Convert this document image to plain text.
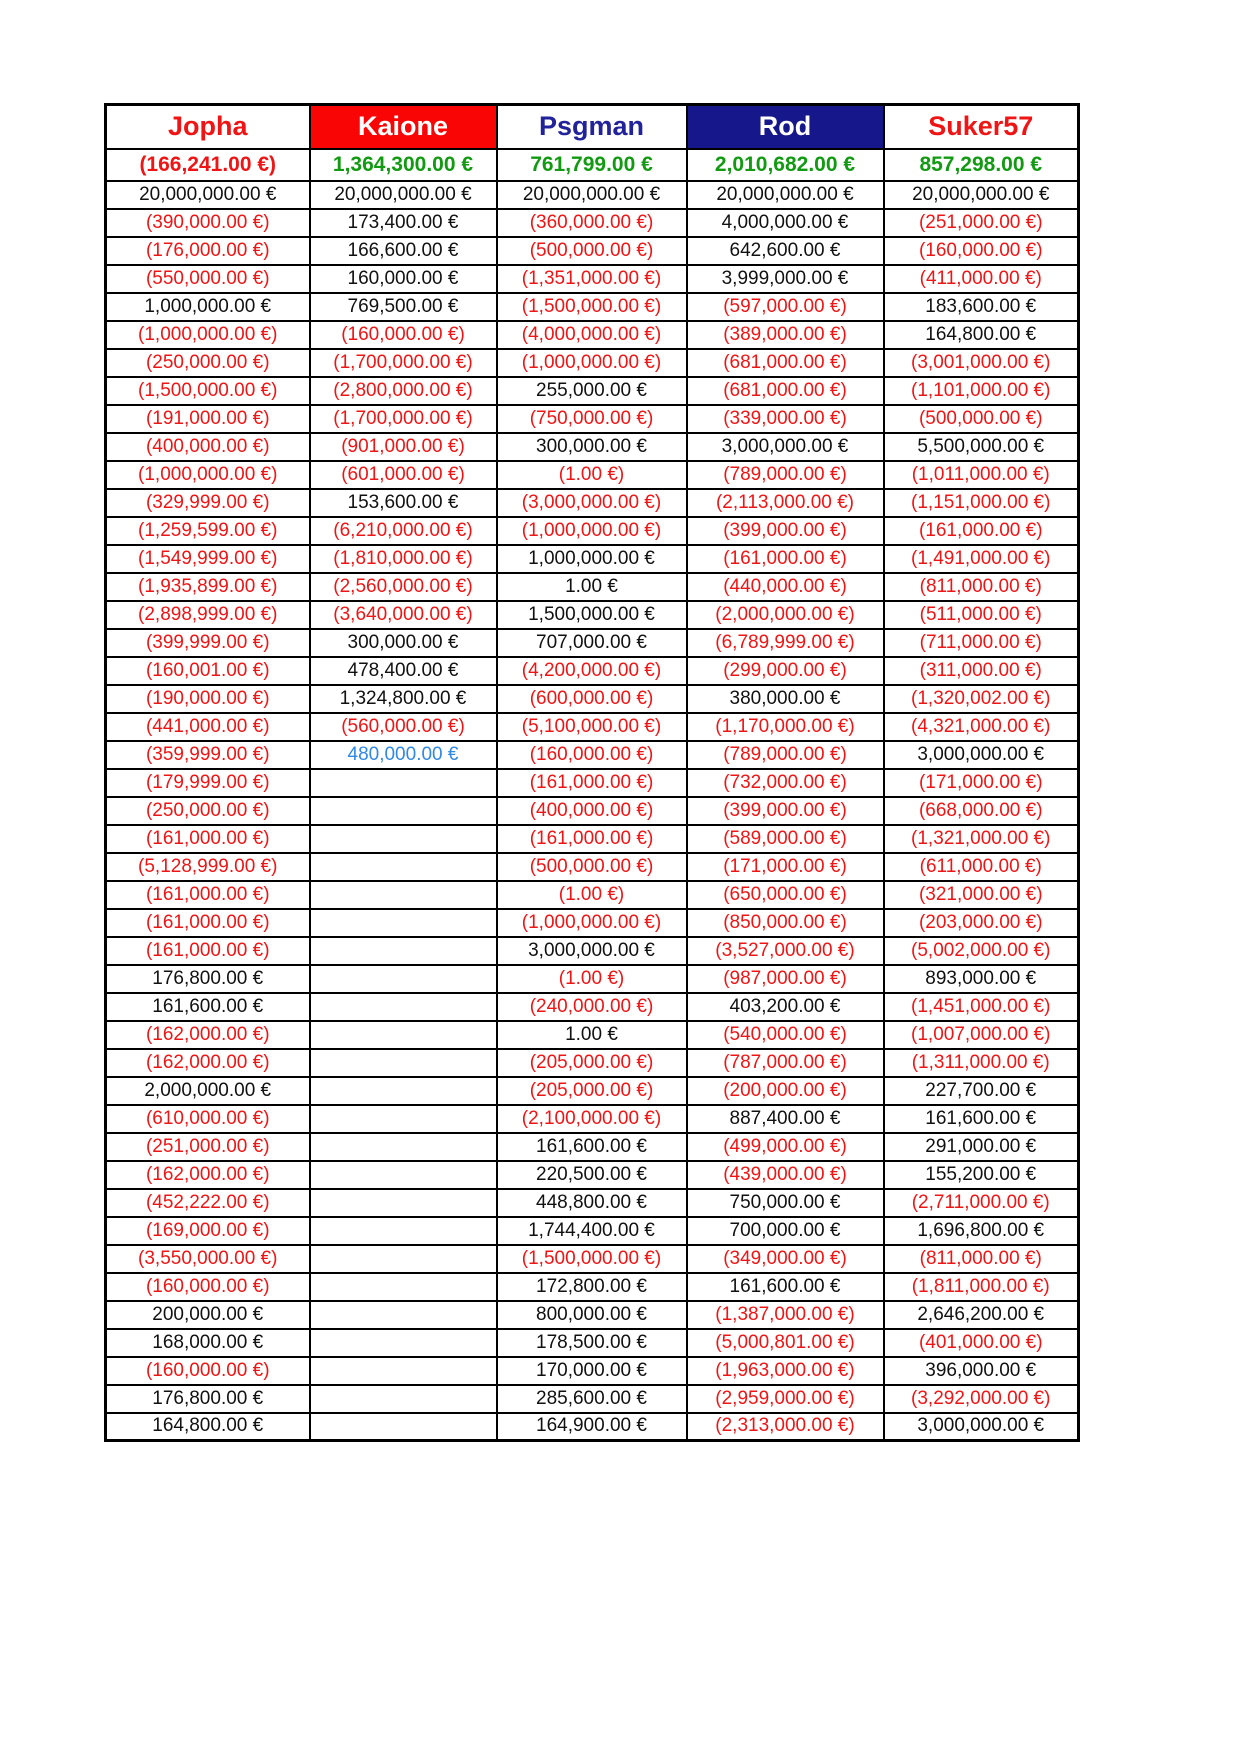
Jopha	Kaione	Psgman	Rod	Suker57
(166,241.00 €)	1,364,300.00 €	761,799.00 €	2,010,682.00 €	857,298.00 €
20,000,000.00 €	20,000,000.00 €	20,000,000.00 €	20,000,000.00 €	20,000,000.00 €
(390,000.00 €)	173,400.00 €	(360,000.00 €)	4,000,000.00 €	(251,000.00 €)
(176,000.00 €)	166,600.00 €	(500,000.00 €)	642,600.00 €	(160,000.00 €)
(550,000.00 €)	160,000.00 €	(1,351,000.00 €)	3,999,000.00 €	(411,000.00 €)
1,000,000.00 €	769,500.00 €	(1,500,000.00 €)	(597,000.00 €)	183,600.00 €
(1,000,000.00 €)	(160,000.00 €)	(4,000,000.00 €)	(389,000.00 €)	164,800.00 €
(250,000.00 €)	(1,700,000.00 €)	(1,000,000.00 €)	(681,000.00 €)	(3,001,000.00 €)
(1,500,000.00 €)	(2,800,000.00 €)	255,000.00 €	(681,000.00 €)	(1,101,000.00 €)
(191,000.00 €)	(1,700,000.00 €)	(750,000.00 €)	(339,000.00 €)	(500,000.00 €)
(400,000.00 €)	(901,000.00 €)	300,000.00 €	3,000,000.00 €	5,500,000.00 €
(1,000,000.00 €)	(601,000.00 €)	(1.00 €)	(789,000.00 €)	(1,011,000.00 €)
(329,999.00 €)	153,600.00 €	(3,000,000.00 €)	(2,113,000.00 €)	(1,151,000.00 €)
(1,259,599.00 €)	(6,210,000.00 €)	(1,000,000.00 €)	(399,000.00 €)	(161,000.00 €)
(1,549,999.00 €)	(1,810,000.00 €)	1,000,000.00 €	(161,000.00 €)	(1,491,000.00 €)
(1,935,899.00 €)	(2,560,000.00 €)	1.00 €	(440,000.00 €)	(811,000.00 €)
(2,898,999.00 €)	(3,640,000.00 €)	1,500,000.00 €	(2,000,000.00 €)	(511,000.00 €)
(399,999.00 €)	300,000.00 €	707,000.00 €	(6,789,999.00 €)	(711,000.00 €)
(160,001.00 €)	478,400.00 €	(4,200,000.00 €)	(299,000.00 €)	(311,000.00 €)
(190,000.00 €)	1,324,800.00 €	(600,000.00 €)	380,000.00 €	(1,320,002.00 €)
(441,000.00 €)	(560,000.00 €)	(5,100,000.00 €)	(1,170,000.00 €)	(4,321,000.00 €)
(359,999.00 €)	480,000.00 €	(160,000.00 €)	(789,000.00 €)	3,000,000.00 €
(179,999.00 €)		(161,000.00 €)	(732,000.00 €)	(171,000.00 €)
(250,000.00 €)		(400,000.00 €)	(399,000.00 €)	(668,000.00 €)
(161,000.00 €)		(161,000.00 €)	(589,000.00 €)	(1,321,000.00 €)
(5,128,999.00 €)		(500,000.00 €)	(171,000.00 €)	(611,000.00 €)
(161,000.00 €)		(1.00 €)	(650,000.00 €)	(321,000.00 €)
(161,000.00 €)		(1,000,000.00 €)	(850,000.00 €)	(203,000.00 €)
(161,000.00 €)		3,000,000.00 €	(3,527,000.00 €)	(5,002,000.00 €)
176,800.00 €		(1.00 €)	(987,000.00 €)	893,000.00 €
161,600.00 €		(240,000.00 €)	403,200.00 €	(1,451,000.00 €)
(162,000.00 €)		1.00 €	(540,000.00 €)	(1,007,000.00 €)
(162,000.00 €)		(205,000.00 €)	(787,000.00 €)	(1,311,000.00 €)
2,000,000.00 €		(205,000.00 €)	(200,000.00 €)	227,700.00 €
(610,000.00 €)		(2,100,000.00 €)	887,400.00 €	161,600.00 €
(251,000.00 €)		161,600.00 €	(499,000.00 €)	291,000.00 €
(162,000.00 €)		220,500.00 €	(439,000.00 €)	155,200.00 €
(452,222.00 €)		448,800.00 €	750,000.00 €	(2,711,000.00 €)
(169,000.00 €)		1,744,400.00 €	700,000.00 €	1,696,800.00 €
(3,550,000.00 €)		(1,500,000.00 €)	(349,000.00 €)	(811,000.00 €)
(160,000.00 €)		172,800.00 €	161,600.00 €	(1,811,000.00 €)
200,000.00 €		800,000.00 €	(1,387,000.00 €)	2,646,200.00 €
168,000.00 €		178,500.00 €	(5,000,801.00 €)	(401,000.00 €)
(160,000.00 €)		170,000.00 €	(1,963,000.00 €)	396,000.00 €
176,800.00 €		285,600.00 €	(2,959,000.00 €)	(3,292,000.00 €)
164,800.00 €		164,900.00 €	(2,313,000.00 €)	3,000,000.00 €
